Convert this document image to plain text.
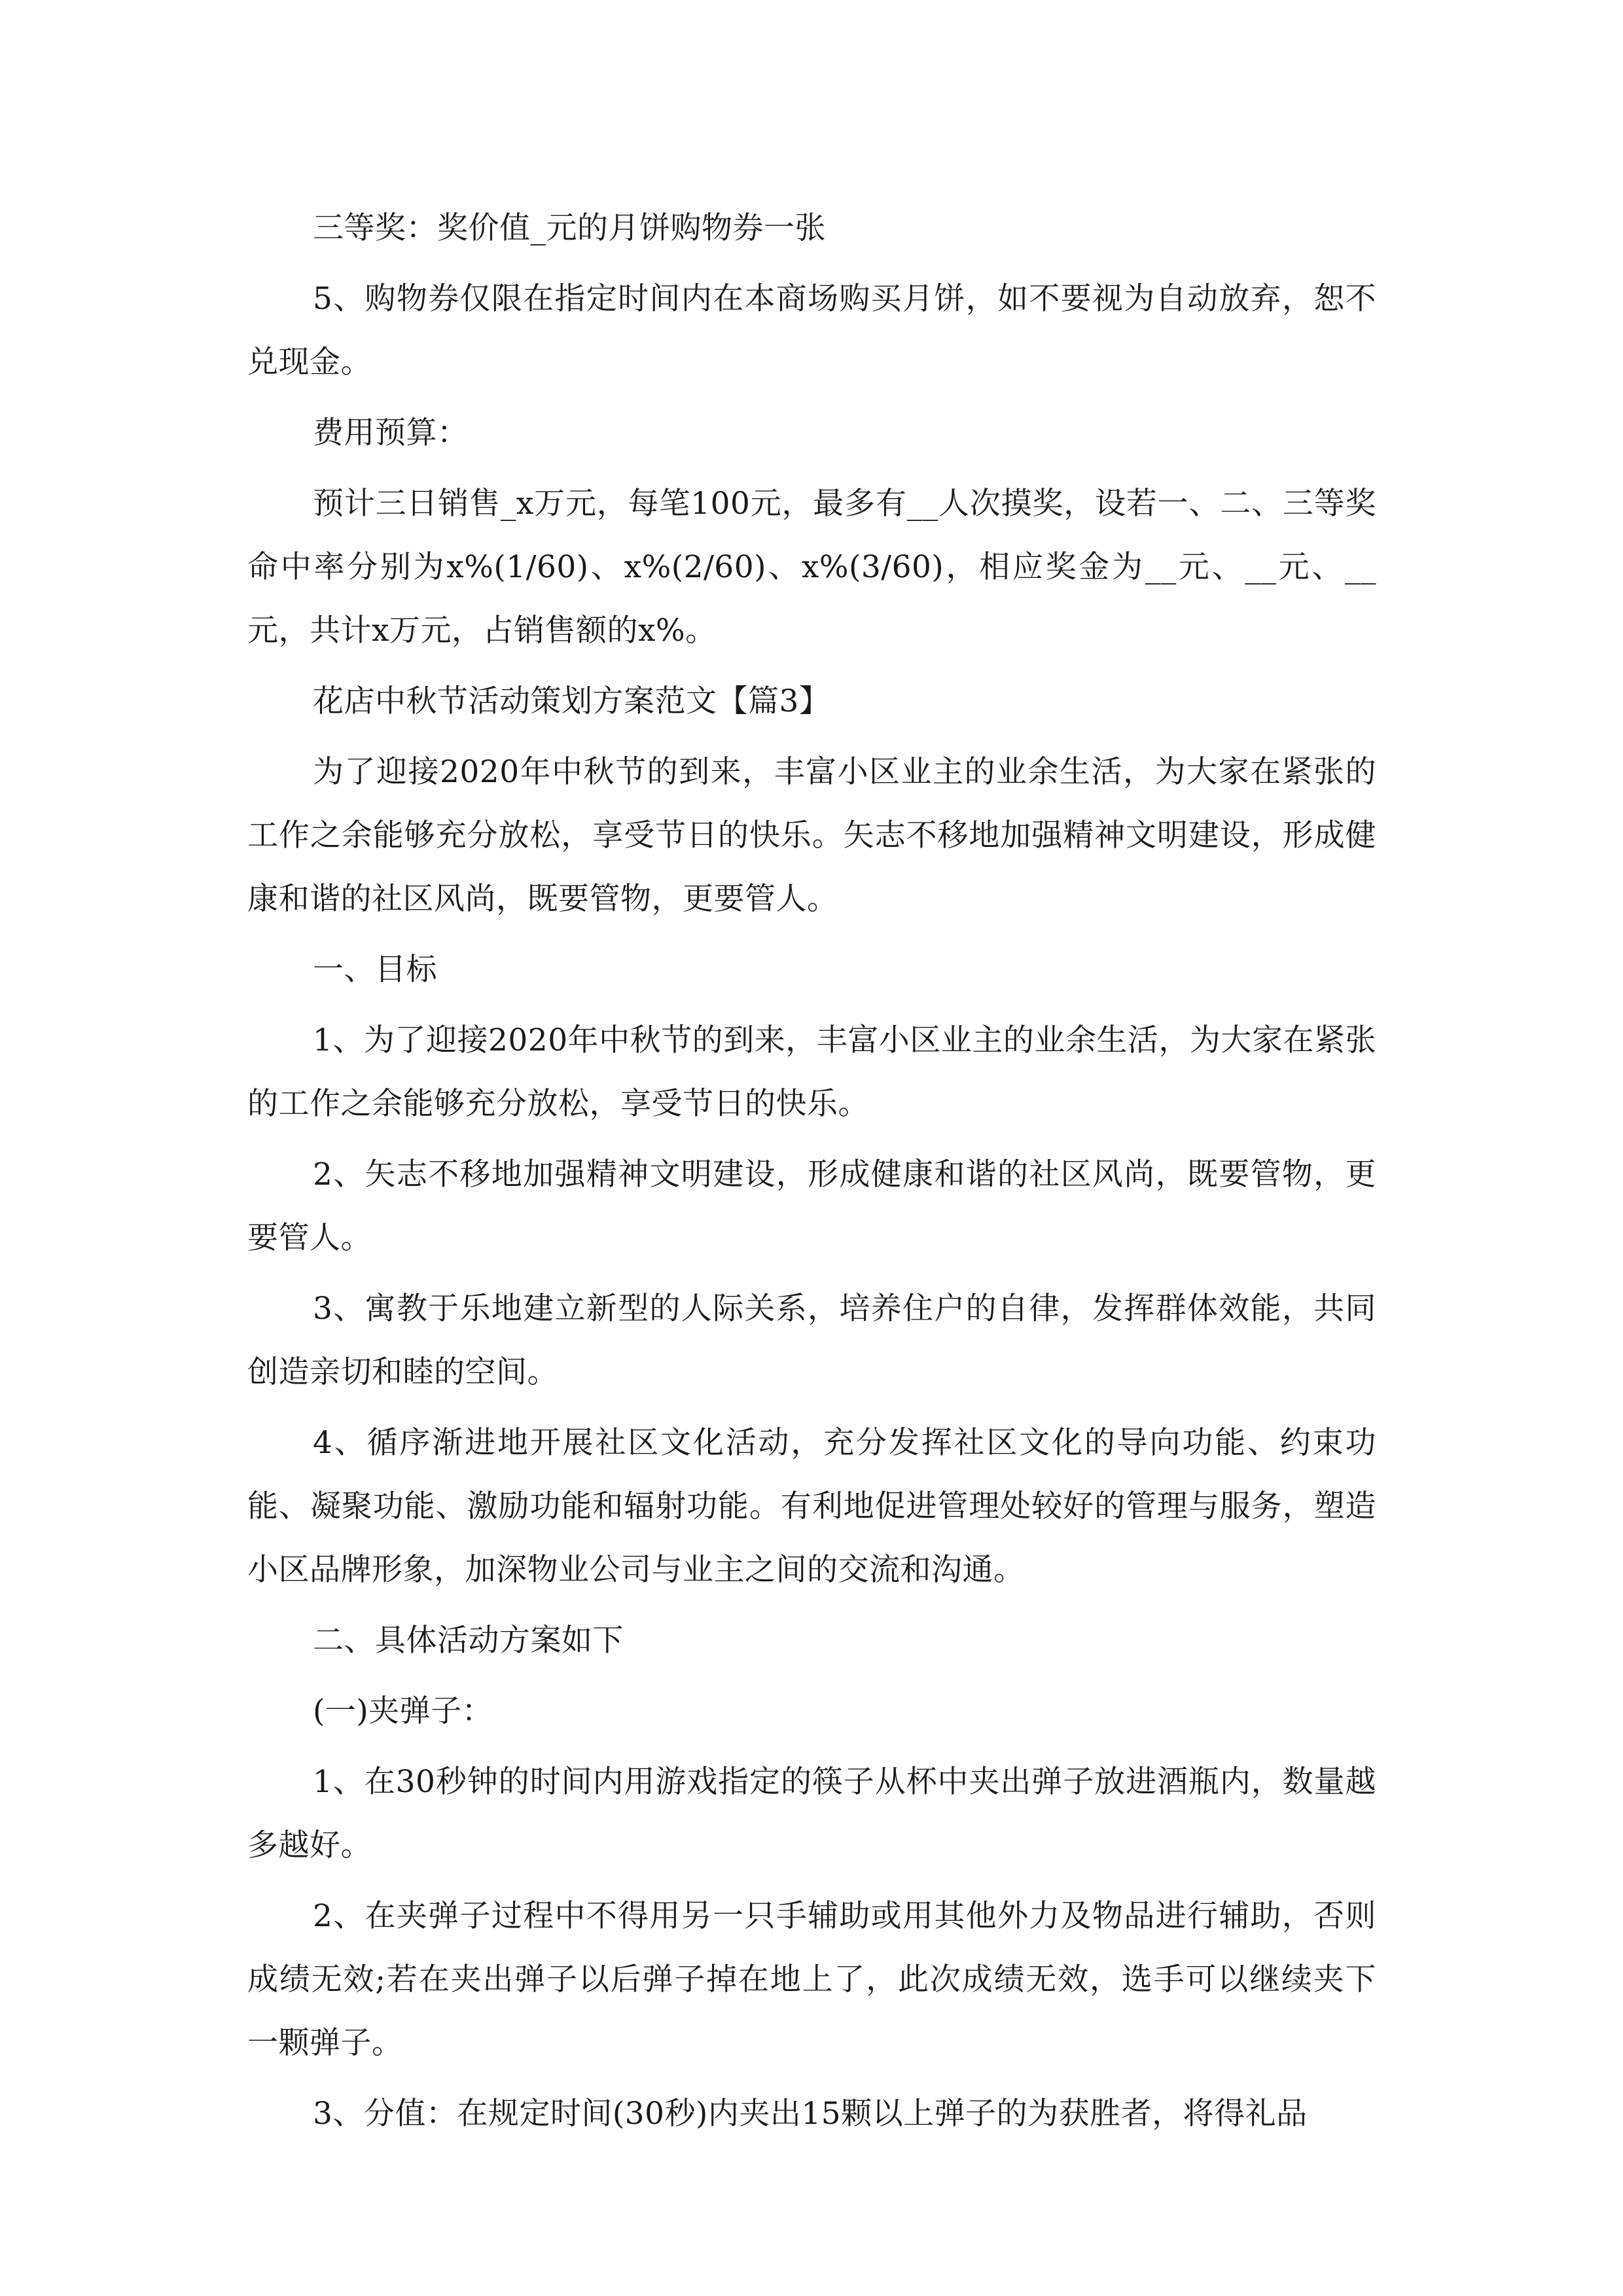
三等奖：奖价值_元的月饼购物券一张

5、购物券仅限在指定时间内在本商场购买月饼，如不要视为自动放弃，恕不兑现金。

费用预算：

预计三日销售_x万元，每笔100元，最多有__人次摸奖，设若一、二、三等奖命中率分别为x%(1/60)、x%(2/60)、x%(3/60)，相应奖金为__元、__元、__元，共计x万元，占销售额的x%。

花店中秋节活动策划方案范文【篇3】

为了迎接2020年中秋节的到来，丰富小区业主的业余生活，为大家在紧张的工作之余能够充分放松，享受节日的快乐。矢志不移地加强精神文明建设，形成健康和谐的社区风尚，既要管物，更要管人。

一、目标

1、为了迎接2020年中秋节的到来，丰富小区业主的业余生活，为大家在紧张的工作之余能够充分放松，享受节日的快乐。

2、矢志不移地加强精神文明建设，形成健康和谐的社区风尚，既要管物，更要管人。

3、寓教于乐地建立新型的人际关系，培养住户的自律，发挥群体效能，共同创造亲切和睦的空间。

4、循序渐进地开展社区文化活动，充分发挥社区文化的导向功能、约束功能、凝聚功能、激励功能和辐射功能。有利地促进管理处较好的管理与服务，塑造小区品牌形象，加深物业公司与业主之间的交流和沟通。

二、具体活动方案如下

(一)夹弹子：

1、在30秒钟的时间内用游戏指定的筷子从杯中夹出弹子放进酒瓶内，数量越多越好。

2、在夹弹子过程中不得用另一只手辅助或用其他外力及物品进行辅助，否则成绩无效;若在夹出弹子以后弹子掉在地上了，此次成绩无效，选手可以继续夹下一颗弹子。

3、分值：在规定时间(30秒)内夹出15颗以上弹子的为获胜者，将得礼品
